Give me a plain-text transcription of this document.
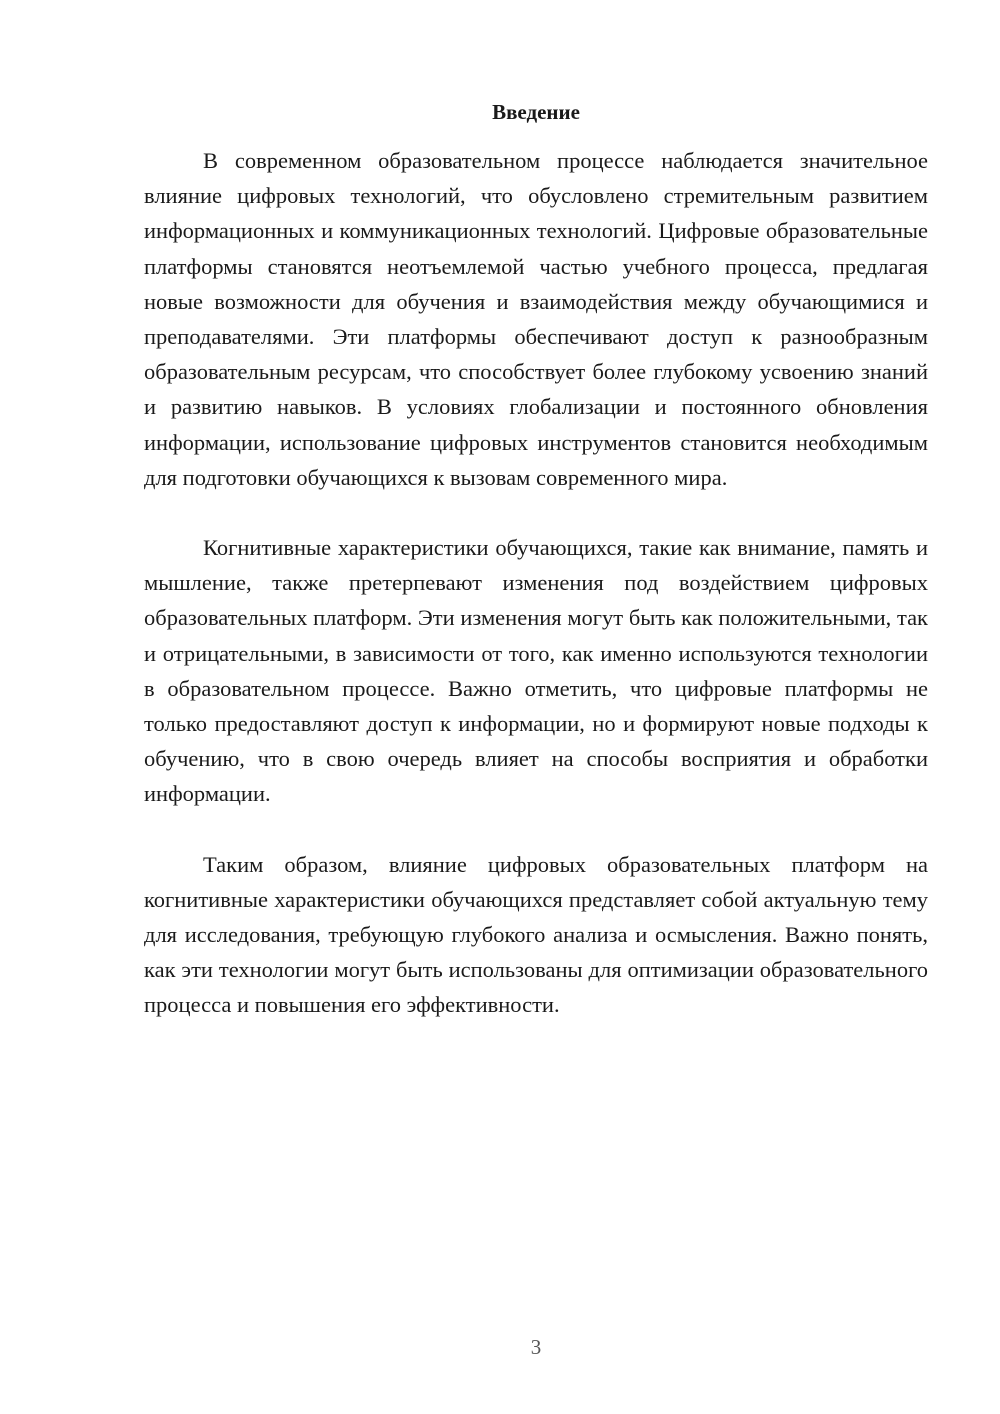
Введение

В современном образовательном процессе наблюдается значительное влияние цифровых технологий, что обусловлено стремительным развитием информационных и коммуникационных технологий. Цифровые образовательные платформы становятся неотъемлемой частью учебного процесса, предлагая новые возможности для обучения и взаимодействия между обучающимися и преподавателями. Эти платформы обеспечивают доступ к разнообразным образовательным ресурсам, что способствует более глубокому усвоению знаний и развитию навыков. В условиях глобализации и постоянного обновления информации, использование цифровых инструментов становится необходимым для подготовки обучающихся к вызовам современного мира.

Когнитивные характеристики обучающихся, такие как внимание, память и мышление, также претерпевают изменения под воздействием цифровых образовательных платформ. Эти изменения могут быть как положительными, так и отрицательными, в зависимости от того, как именно используются технологии в образовательном процессе. Важно отметить, что цифровые платформы не только предоставляют доступ к информации, но и формируют новые подходы к обучению, что в свою очередь влияет на способы восприятия и обработки информации.

Таким образом, влияние цифровых образовательных платформ на когнитивные характеристики обучающихся представляет собой актуальную тему для исследования, требующую глубокого анализа и осмысления. Важно понять, как эти технологии могут быть использованы для оптимизации образовательного процесса и повышения его эффективности.

3
